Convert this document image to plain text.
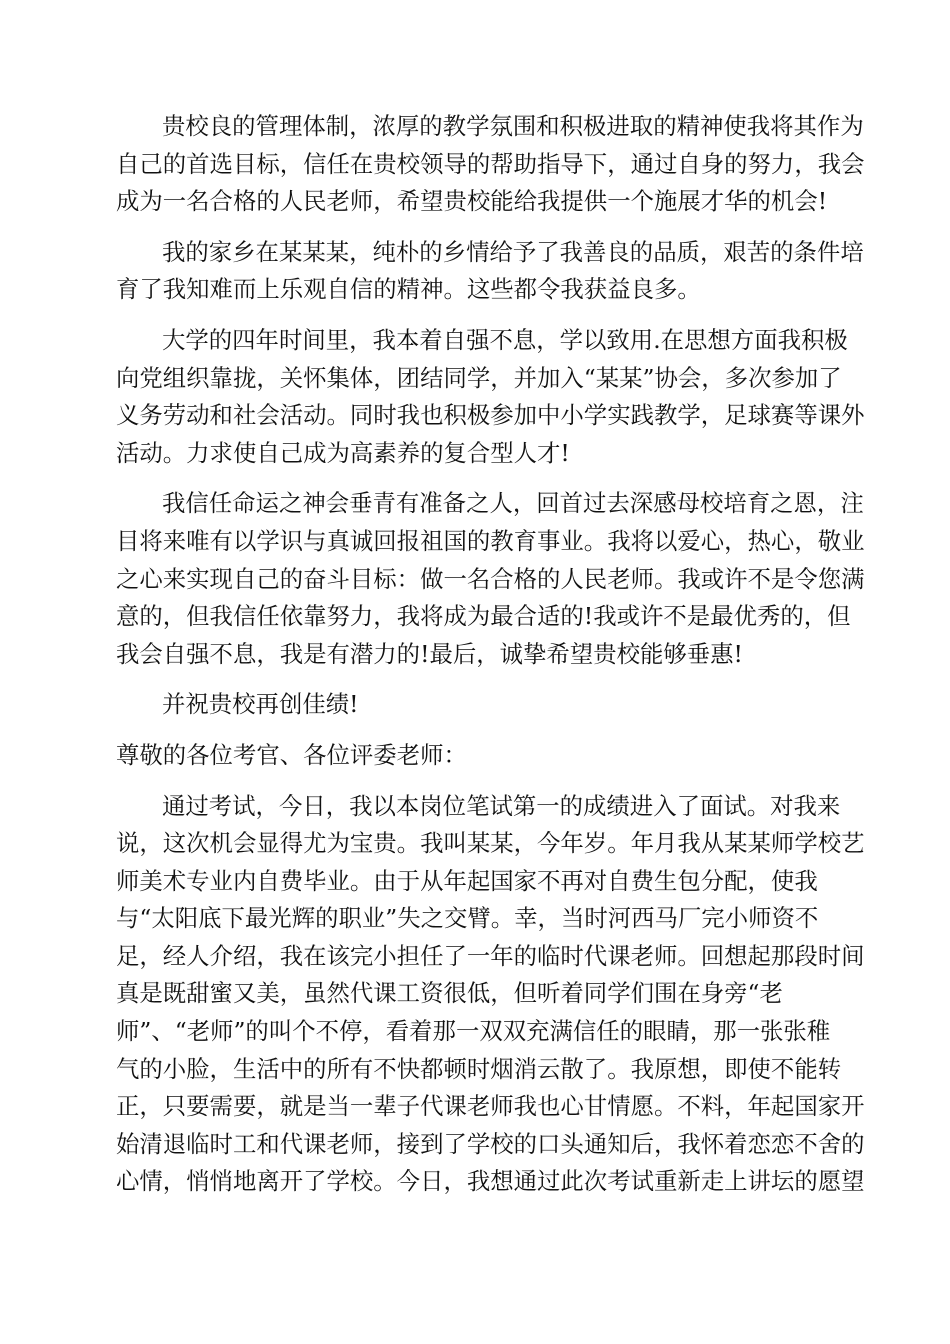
贵校良的管理体制，浓厚的教学氛围和积极进取的精神使我将其作为
自己的首选目标，信任在贵校领导的帮助指导下，通过自身的努力，我会
成为一名合格的人民老师，希望贵校能给我提供一个施展才华的机会!

我的家乡在某某某，纯朴的乡情给予了我善良的品质，艰苦的条件培
育了我知难而上乐观自信的精神。这些都令我获益良多。

大学的四年时间里，我本着自强不息，学以致用.在思想方面我积极
向党组织靠拢，关怀集体，团结同学，并加入“某某”协会，多次参加了
义务劳动和社会活动。同时我也积极参加中小学实践教学，足球赛等课外
活动。力求使自己成为高素养的复合型人才!

我信任命运之神会垂青有准备之人，回首过去深感母校培育之恩，注
目将来唯有以学识与真诚回报祖国的教育事业。我将以爱心，热心，敬业
之心来实现自己的奋斗目标：做一名合格的人民老师。我或许不是令您满
意的，但我信任依靠努力，我将成为最合适的!我或许不是最优秀的，但
我会自强不息，我是有潜力的!最后，诚挚希望贵校能够垂惠!

并祝贵校再创佳绩!

尊敬的各位考官、各位评委老师：

通过考试，今日，我以本岗位笔试第一的成绩进入了面试。对我来
说，这次机会显得尤为宝贵。我叫某某，今年岁。年月我从某某师学校艺
师美术专业内自费毕业。由于从年起国家不再对自费生包分配，使我
与“太阳底下最光辉的职业”失之交臂。幸，当时河西马厂完小师资不
足，经人介绍，我在该完小担任了一年的临时代课老师。回想起那段时间
真是既甜蜜又美，虽然代课工资很低，但听着同学们围在身旁“老
师”、“老师”的叫个不停，看着那一双双充满信任的眼睛，那一张张稚
气的小脸，生活中的所有不快都顿时烟消云散了。我原想，即使不能转
正，只要需要，就是当一辈子代课老师我也心甘情愿。不料，年起国家开
始清退临时工和代课老师，接到了学校的口头通知后，我怀着恋恋不舍的
心情，悄悄地离开了学校。今日，我想通过此次考试重新走上讲坛的愿望
